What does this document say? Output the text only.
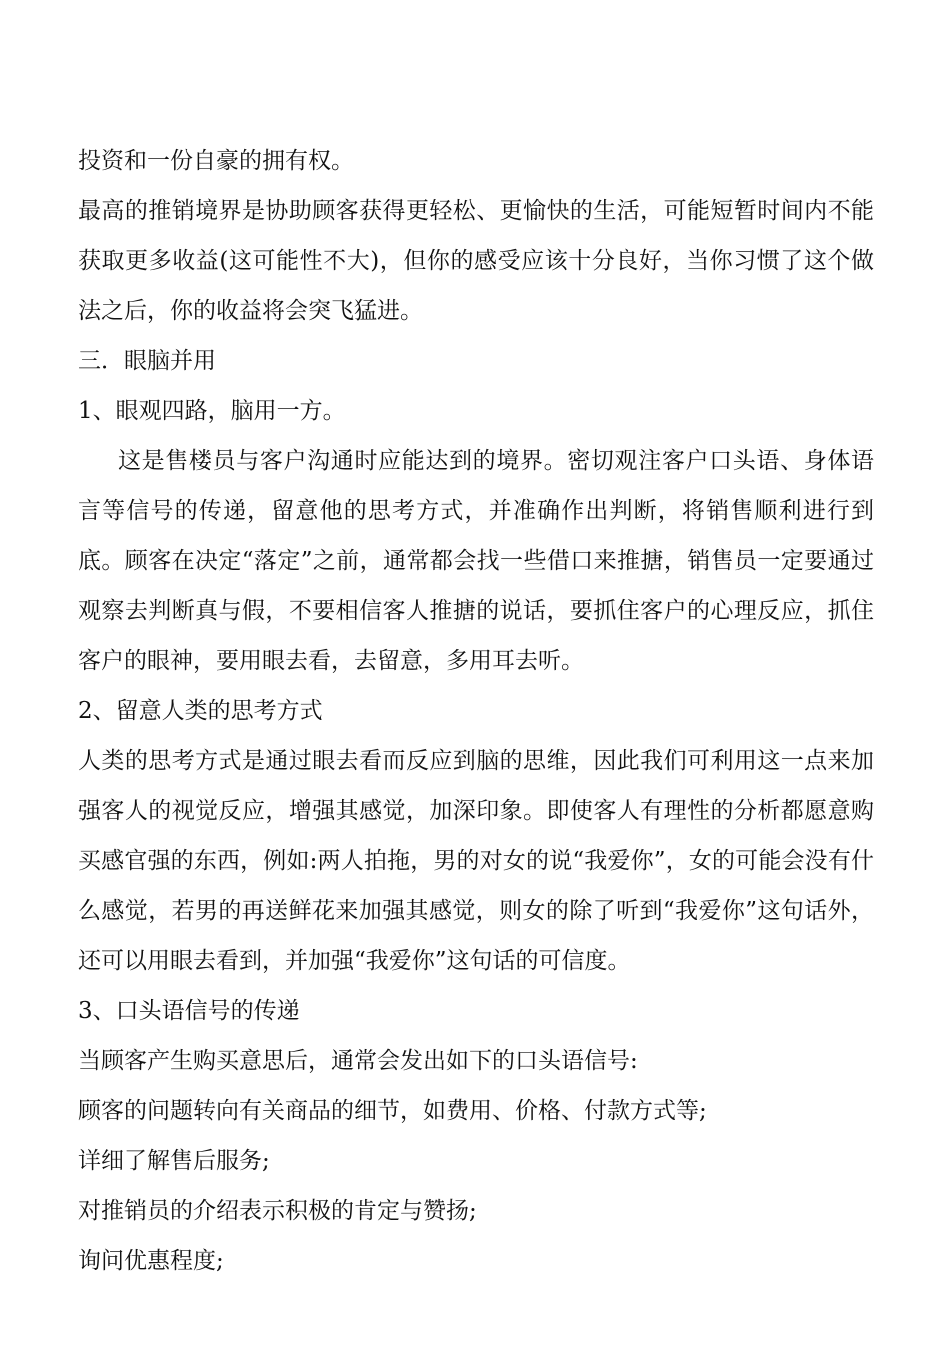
投资和一份自豪的拥有权。

最高的推销境界是协助顾客获得更轻松、更愉快的生活，可能短暂时间内不能获取更多收益(这可能性不大)，但你的感受应该十分良好，当你习惯了这个做法之后，你的收益将会突飞猛进。

三．眼脑并用

1、眼观四路，脑用一方。

这是售楼员与客户沟通时应能达到的境界。密切观注客户口头语、身体语言等信号的传递，留意他的思考方式，并准确作出判断，将销售顺利进行到底。顾客在决定“落定”之前，通常都会找一些借口来推搪，销售员一定要通过观察去判断真与假，不要相信客人推搪的说话，要抓住客户的心理反应，抓住客户的眼神，要用眼去看，去留意，多用耳去听。

2、留意人类的思考方式

人类的思考方式是通过眼去看而反应到脑的思维，因此我们可利用这一点来加强客人的视觉反应，增强其感觉，加深印象。即使客人有理性的分析都愿意购买感官强的东西，例如:两人拍拖，男的对女的说“我爱你”，女的可能会没有什么感觉，若男的再送鲜花来加强其感觉，则女的除了听到“我爱你”这句话外，还可以用眼去看到，并加强“我爱你”这句话的可信度。

3、口头语信号的传递

当顾客产生购买意思后，通常会发出如下的口头语信号:

顾客的问题转向有关商品的细节，如费用、价格、付款方式等;

详细了解售后服务;

对推销员的介绍表示积极的肯定与赞扬;

询问优惠程度;
